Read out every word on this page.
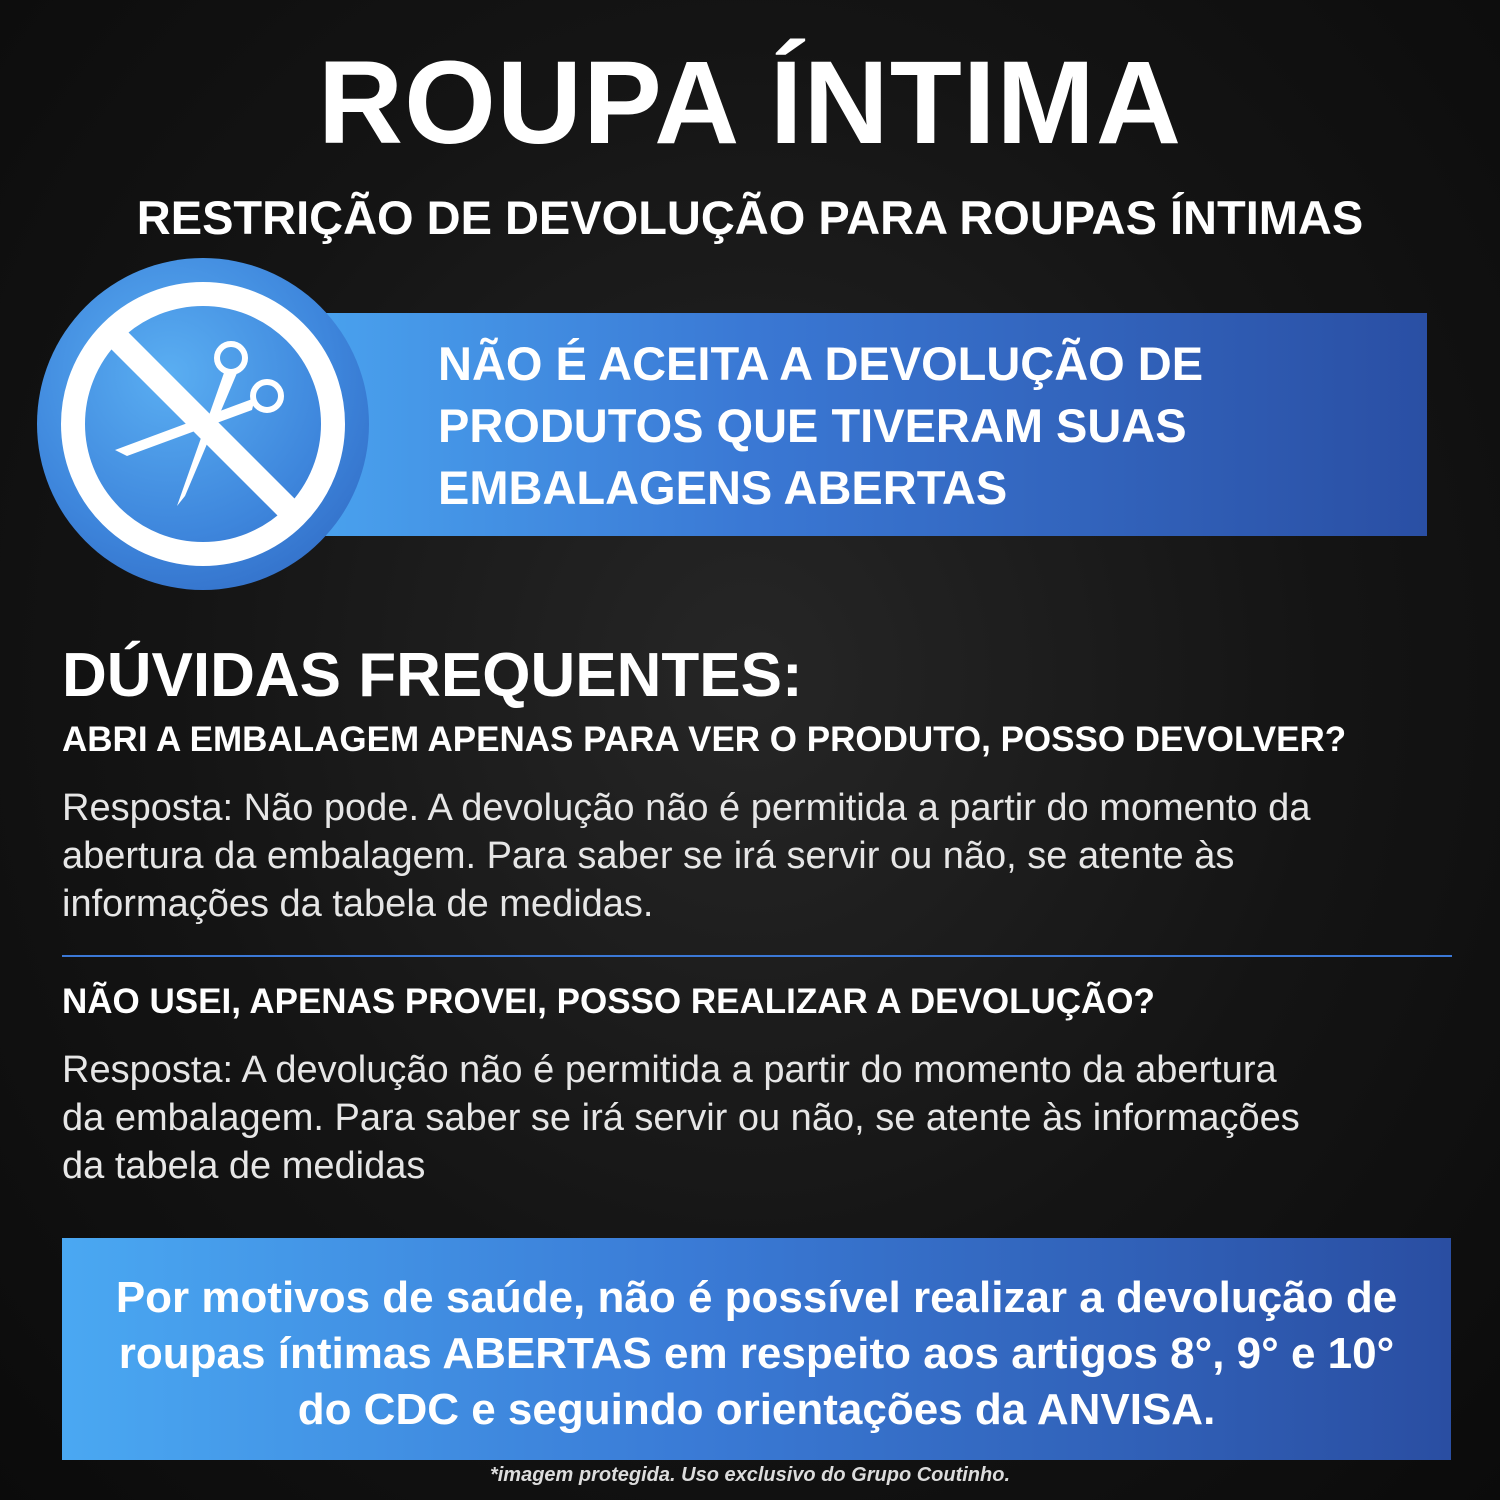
ROUPA ÍNTIMA
RESTRIÇÃO DE DEVOLUÇÃO PARA ROUPAS ÍNTIMAS
NÃO É ACEITA A DEVOLUÇÃO DE
PRODUTOS QUE TIVERAM SUAS
EMBALAGENS ABERTAS
DÚVIDAS FREQUENTES:
ABRI A EMBALAGEM APENAS PARA VER O PRODUTO, POSSO DEVOLVER?
Resposta: Não pode. A devolução não é permitida a partir do momento da
abertura da embalagem. Para saber se irá servir ou não, se atente às
informações da tabela de medidas.
NÃO USEI, APENAS PROVEI, POSSO REALIZAR A DEVOLUÇÃO?
Resposta: A devolução não é permitida a partir do momento da abertura
da embalagem. Para saber se irá servir ou não, se atente às informações
da tabela de medidas
Por motivos de saúde, não é possível realizar a devolução de
roupas íntimas ABERTAS em respeito aos artigos 8°, 9° e 10°
do CDC e seguindo orientações da ANVISA.
*imagem protegida. Uso exclusivo do Grupo Coutinho.
